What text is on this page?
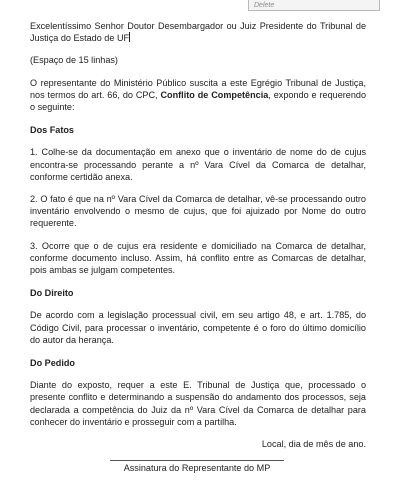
Delete

Excelentíssimo Senhor Doutor Desembargador ou Juiz Presidente do Tribunal de Justiça do Estado de UF

(Espaço de 15 linhas)

O representante do Ministério Público suscita a este Egrégio Tribunal de Justiça, nos termos do art. 66, do CPC, Conflito de Competência, expondo e requerendo o seguinte:

Dos Fatos

1. Colhe-se da documentação em anexo que o inventário de nome do de cujus encontra-se processando perante a nº Vara Cível da Comarca de detalhar, conforme certidão anexa.

2. O fato é que na nº Vara Cível da Comarca de detalhar, vê-se processando outro inventário envolvendo o mesmo de cujus, que foi ajuizado por Nome do outro requerente.

3. Ocorre que o de cujus era residente e domiciliado na Comarca de detalhar, conforme documento incluso. Assim, há conflito entre as Comarcas de detalhar, pois ambas se julgam competentes.

Do Direito

De acordo com a legislação processual civil, em seu artigo 48, e art. 1.785, do Código Civil, para processar o inventário, competente é o foro do último domicílio do autor da herança.

Do Pedido

Diante do exposto, requer a este E. Tribunal de Justiça que, processado o presente conflito e determinando a suspensão do andamento dos processos, seja declarada a competência do Juiz da nº Vara Cível da Comarca de detalhar para conhecer do inventário e prosseguir com a partilha.

Local, dia de mês de ano.

Assinatura do Representante do MP
